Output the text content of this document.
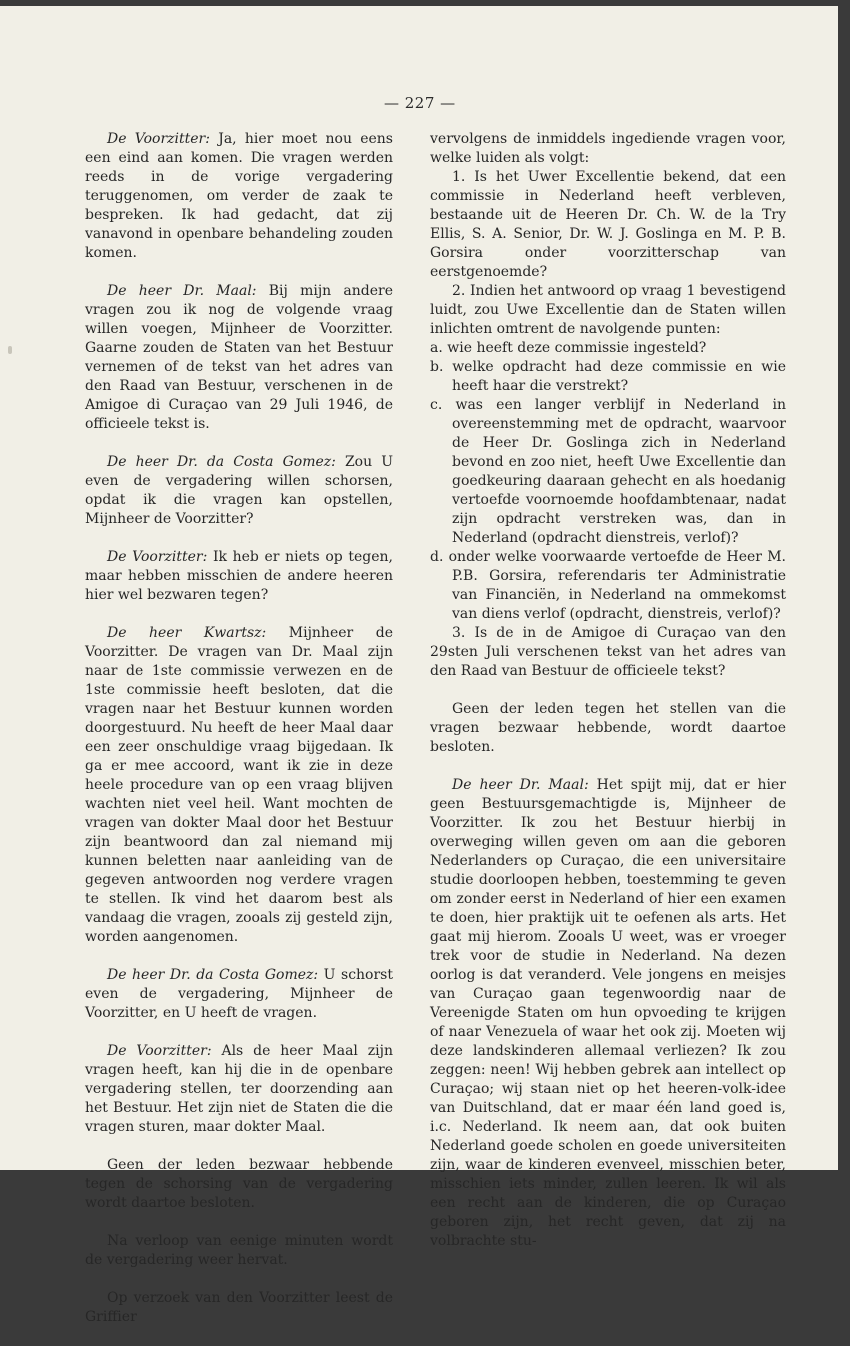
— 227 —

De Voorzitter: Ja, hier moet nou eens een eind aan komen. Die vragen werden reeds in de vorige vergadering teruggenomen, om verder de zaak te bespreken. Ik had gedacht, dat zij vanavond in openbare behandeling zouden komen.

De heer Dr. Maal: Bij mijn andere vragen zou ik nog de volgende vraag willen voegen, Mijnheer de Voorzitter. Gaarne zouden de Staten van het Bestuur vernemen of de tekst van het adres van den Raad van Bestuur, verschenen in de Amigoe di Curaçao van 29 Juli 1946, de officieele tekst is.

De heer Dr. da Costa Gomez: Zou U even de vergadering willen schorsen, opdat ik die vragen kan opstellen, Mijnheer de Voorzitter?

De Voorzitter: Ik heb er niets op tegen, maar hebben misschien de andere heeren hier wel bezwaren tegen?

De heer Kwartsz: Mijnheer de Voorzitter. De vragen van Dr. Maal zijn naar de 1ste commissie verwezen en de 1ste commissie heeft besloten, dat die vragen naar het Bestuur kunnen worden doorgestuurd. Nu heeft de heer Maal daar een zeer onschuldige vraag bijgedaan. Ik ga er mee accoord, want ik zie in deze heele procedure van op een vraag blijven wachten niet veel heil. Want mochten de vragen van dokter Maal door het Bestuur zijn beantwoord dan zal niemand mij kunnen beletten naar aanleiding van de gegeven antwoorden nog verdere vragen te stellen. Ik vind het daarom best als vandaag die vragen, zooals zij gesteld zijn, worden aangenomen.

De heer Dr. da Costa Gomez: U schorst even de vergadering, Mijnheer de Voorzitter, en U heeft de vragen.

De Voorzitter: Als de heer Maal zijn vragen heeft, kan hij die in de openbare vergadering stellen, ter doorzending aan het Bestuur. Het zijn niet de Staten die die vragen sturen, maar dokter Maal.

Geen der leden bezwaar hebbende tegen de schorsing van de vergadering wordt daartoe besloten.

Na verloop van eenige minuten wordt de vergadering weer hervat.

Op verzoek van den Voorzitter leest de Griffier

vervolgens de inmiddels ingediende vragen voor, welke luiden als volgt:

1. Is het Uwer Excellentie bekend, dat een commissie in Nederland heeft verbleven, bestaande uit de Heeren Dr. Ch. W. de la Try Ellis, S. A. Senior, Dr. W. J. Goslinga en M. P. B. Gorsira onder voorzitterschap van eerstgenoemde?

2. Indien het antwoord op vraag 1 bevestigend luidt, zou Uwe Excellentie dan de Staten willen inlichten omtrent de navolgende punten:

a. wie heeft deze commissie ingesteld?

b. welke opdracht had deze commissie en wie heeft haar die verstrekt?

c. was een langer verblijf in Nederland in overeenstemming met de opdracht, waarvoor de Heer Dr. Goslinga zich in Nederland bevond en zoo niet, heeft Uwe Excellentie dan goedkeuring daaraan gehecht en als hoedanig vertoefde voornoemde hoofdambtenaar, nadat zijn opdracht verstreken was, dan in Nederland (opdracht dienstreis, verlof)?

d. onder welke voorwaarde vertoefde de Heer M. P.B. Gorsira, referendaris ter Administratie van Financiën, in Nederland na ommekomst van diens verlof (opdracht, dienstreis, verlof)?

3. Is de in de Amigoe di Curaçao van den 29sten Juli verschenen tekst van het adres van den Raad van Bestuur de officieele tekst?

Geen der leden tegen het stellen van die vragen bezwaar hebbende, wordt daartoe besloten.

De heer Dr. Maal: Het spijt mij, dat er hier geen Bestuursgemachtigde is, Mijnheer de Voorzitter. Ik zou het Bestuur hierbij in overweging willen geven om aan die geboren Nederlanders op Curaçao, die een universitaire studie doorloopen hebben, toestemming te geven om zonder eerst in Nederland of hier een examen te doen, hier praktijk uit te oefenen als arts. Het gaat mij hierom. Zooals U weet, was er vroeger trek voor de studie in Nederland. Na dezen oorlog is dat veranderd. Vele jongens en meisjes van Curaçao gaan tegenwoordig naar de Vereenigde Staten om hun opvoeding te krijgen of naar Venezuela of waar het ook zij. Moeten wij deze landskinderen allemaal verliezen? Ik zou zeggen: neen! Wij hebben gebrek aan intellect op Curaçao; wij staan niet op het heeren-volk-idee van Duitschland, dat er maar één land goed is, i.c. Nederland. Ik neem aan, dat ook buiten Nederland goede scholen en goede universiteiten zijn, waar de kinderen evenveel, misschien beter, misschien iets minder, zullen leeren. Ik wil als een recht aan de kinderen, die op Curaçao geboren zijn, het recht geven, dat zij na volbrachte stu-
